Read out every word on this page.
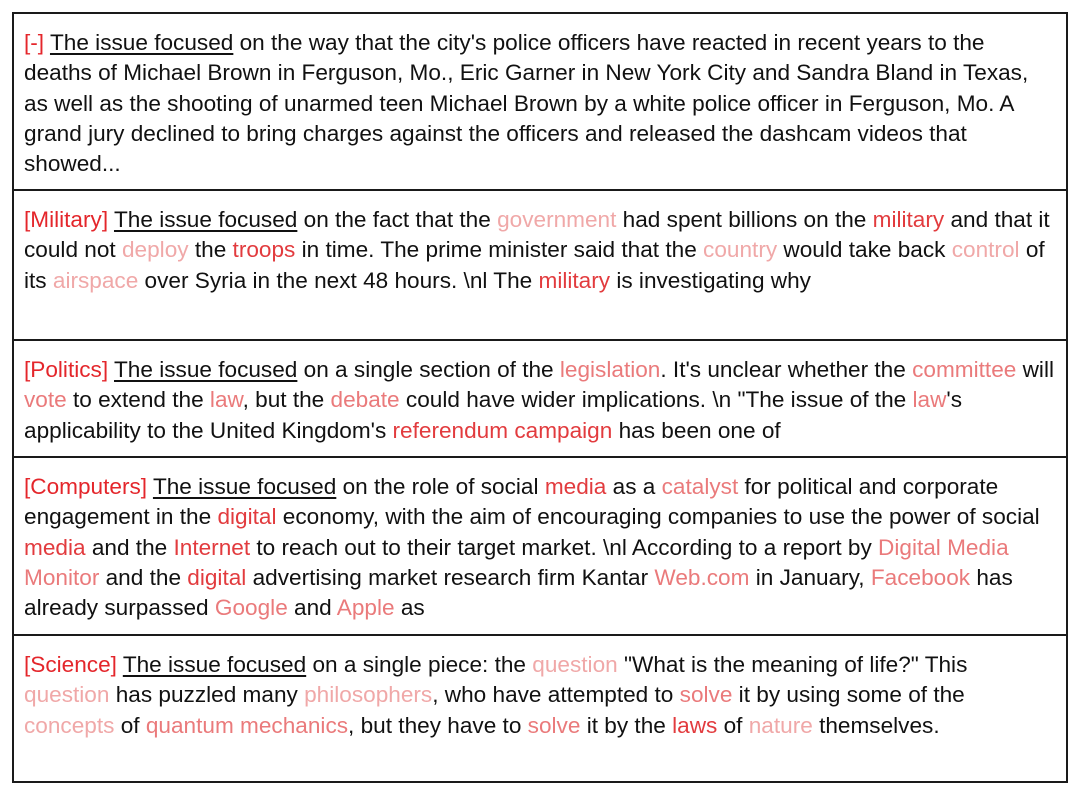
[-] The issue focused on the way that the city's police officers have reacted in recent years to the deaths of Michael Brown in Ferguson, Mo., Eric Garner in New York City and Sandra Bland in Texas, as well as the shooting of unarmed teen Michael Brown by a white police officer in Ferguson, Mo. A grand jury declined to bring charges against the officers and released the dashcam videos that showed...

[Military] The issue focused on the fact that the government had spent billions on the military and that it could not deploy the troops in time. The prime minister said that the country would take back control of its airspace over Syria in the next 48 hours. \nl The military is investigating why

[Politics] The issue focused on a single section of the legislation. It's unclear whether the committee will vote to extend the law, but the debate could have wider implications. \n "The issue of the law's applicability to the United Kingdom's referendum campaign has been one of

[Computers] The issue focused on the role of social media as a catalyst for political and corporate engagement in the digital economy, with the aim of encouraging companies to use the power of social media and the Internet to reach out to their target market. \nl According to a report by Digital Media Monitor and the digital advertising market research firm Kantar Web.com in January, Facebook has already surpassed Google and Apple as

[Science] The issue focused on a single piece: the question "What is the meaning of life?" This question has puzzled many philosophers, who have attempted to solve it by using some of the concepts of quantum mechanics, but they have to solve it by the laws of nature themselves.
